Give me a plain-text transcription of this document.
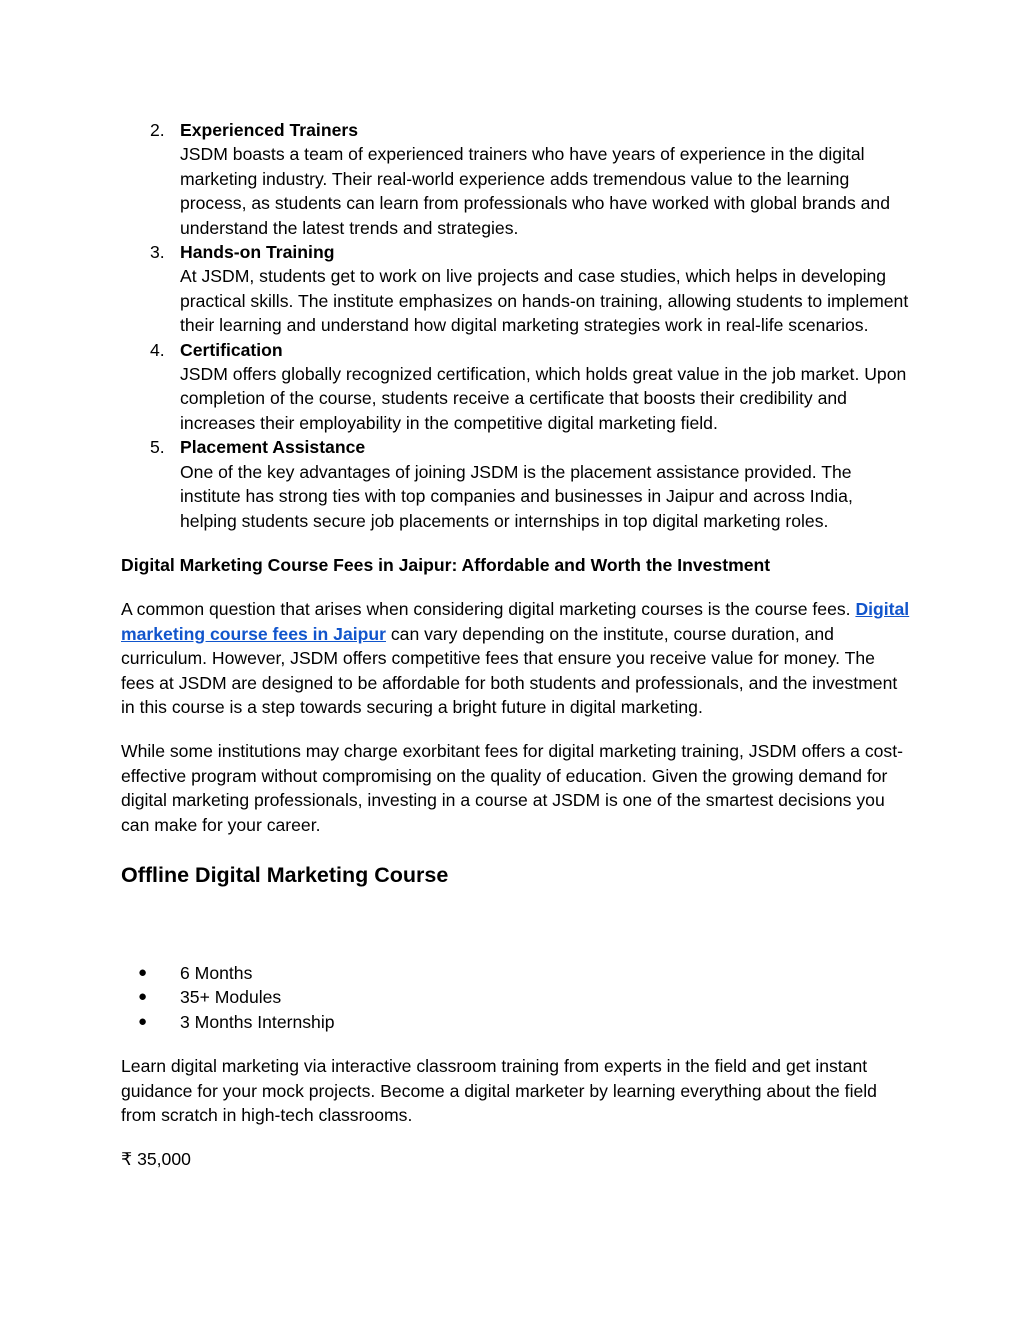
2. Experienced Trainers
JSDM boasts a team of experienced trainers who have years of experience in the digital marketing industry. Their real-world experience adds tremendous value to the learning process, as students can learn from professionals who have worked with global brands and understand the latest trends and strategies.
3. Hands-on Training
At JSDM, students get to work on live projects and case studies, which helps in developing practical skills. The institute emphasizes on hands-on training, allowing students to implement their learning and understand how digital marketing strategies work in real-life scenarios.
4. Certification
JSDM offers globally recognized certification, which holds great value in the job market. Upon completion of the course, students receive a certificate that boosts their credibility and increases their employability in the competitive digital marketing field.
5. Placement Assistance
One of the key advantages of joining JSDM is the placement assistance provided. The institute has strong ties with top companies and businesses in Jaipur and across India, helping students secure job placements or internships in top digital marketing roles.

Digital Marketing Course Fees in Jaipur: Affordable and Worth the Investment

A common question that arises when considering digital marketing courses is the course fees. Digital marketing course fees in Jaipur can vary depending on the institute, course duration, and curriculum. However, JSDM offers competitive fees that ensure you receive value for money. The fees at JSDM are designed to be affordable for both students and professionals, and the investment in this course is a step towards securing a bright future in digital marketing.

While some institutions may charge exorbitant fees for digital marketing training, JSDM offers a cost-effective program without compromising on the quality of education. Given the growing demand for digital marketing professionals, investing in a course at JSDM is one of the smartest decisions you can make for your career.

Offline Digital Marketing Course
● 6 Months
● 35+ Modules
● 3 Months Internship

Learn digital marketing via interactive classroom training from experts in the field and get instant guidance for your mock projects. Become a digital marketer by learning everything about the field from scratch in high-tech classrooms.

₹ 35,000
